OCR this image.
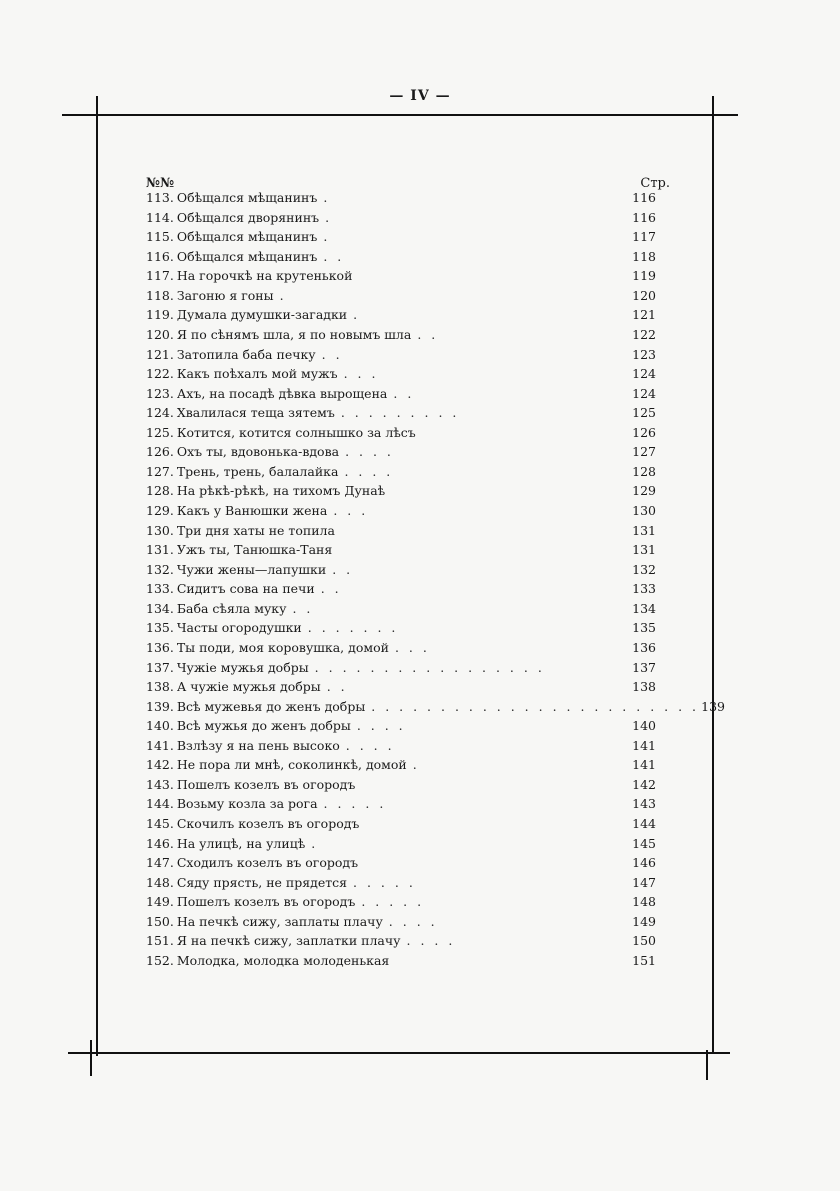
— IV —
№№	Стр.
113. Обѣщался мѣщанинъ .	116
114. Обѣщался дворянинъ .	116
115. Обѣщался мѣщанинъ .	117
116. Обѣщался мѣщанинъ . .	118
117. На горочкѣ на крутенькой	119
118. Загоню я гоны .	120
119. Думала думушки-загадки .	121
120. Я по сѣнямъ шла, я по новымъ шла . .	122
121. Затопила баба печку . .	123
122. Какъ поѣхалъ мой мужъ . . .	124
123. Ахъ, на посадѣ дѣвка вырощена . .	124
124. Хвалилася теща зятемъ . . . . . . . . .	125
125. Котится, котится солнышко за лѣсъ	126
126. Охъ ты, вдовонька-вдова . . . .	127
127. Трень, трень, балалайка . . . .	128
128. На рѣкѣ-рѣкѣ, на тихомъ Дунаѣ	129
129. Какъ у Ванюшки жена . . .	130
130. Три дня хаты не топила	131
131. Ужъ ты, Танюшка-Таня	131
132. Чужи жены—лапушки . .	132
133. Сидитъ сова на печи . .	133
134. Баба сѣяла муку . .	134
135. Часты огородушки . . . . . . .	135
136. Ты поди, моя коровушка, домой . . .	136
137. Чужіе мужья добры . . . . . . . . . . . . . . . . .	137
138. А чужіе мужья добры . .	138
139. Всѣ мужевья до женъ добры . . . . . . . . . . . . . . . . . . . . . . . . 139
140. Всѣ мужья до женъ добры . . . .	140
141. Взлѣзу я на пень высоко . . . .	141
142. Не пора ли мнѣ, соколинкѣ, домой .	141
143. Пошелъ козелъ въ огородъ	142
144. Возьму козла за рога . . . . .	143
145. Скочилъ козелъ въ огородъ	144
146. На улицѣ, на улицѣ .	145
147. Сходилъ козелъ въ огородъ	146
148. Сяду прясть, не прядется . . . . .	147
149. Пошелъ козелъ въ огородъ . . . . .	148
150. На печкѣ сижу, заплаты плачу . . . .	149
151. Я на печкѣ сижу, заплатки плачу . . . .	150
152. Молодка, молодка молоденькая	151
